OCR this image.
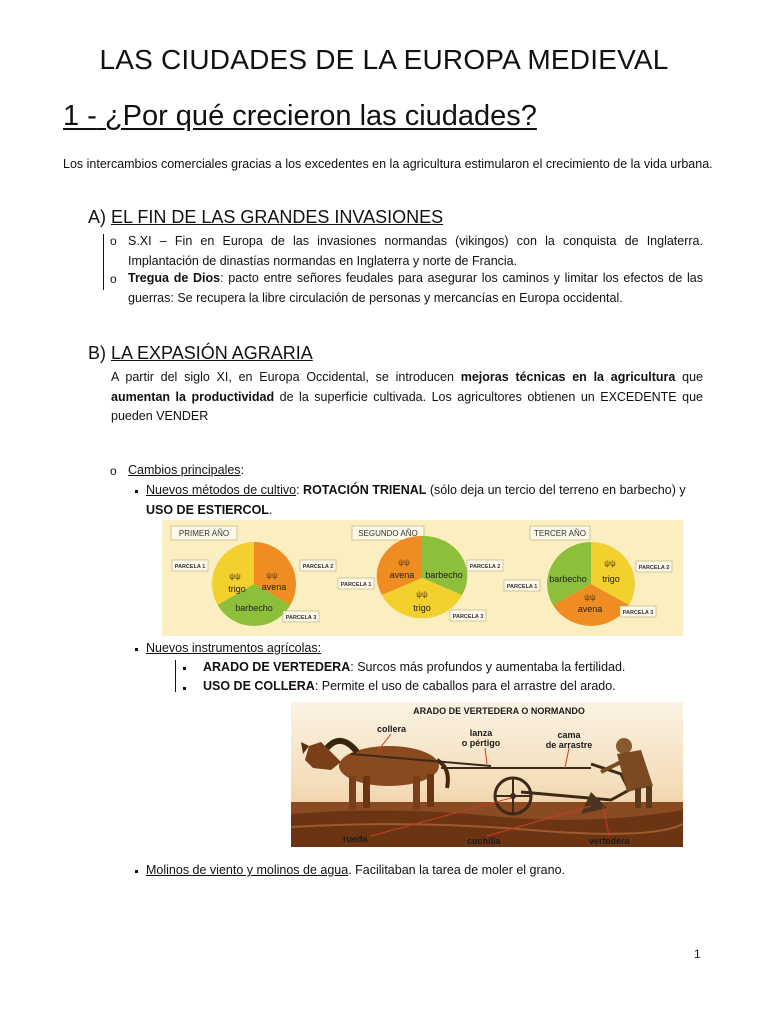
LAS CIUDADES DE LA EUROPA MEDIEVAL
1 - ¿Por qué crecieron las ciudades?
Los intercambios comerciales gracias a los excedentes en la agricultura estimularon el crecimiento de la vida urbana.
A) EL FIN DE LAS GRANDES INVASIONES
o S.XI – Fin en Europa de las invasiones normandas (vikingos) con la conquista de Inglaterra. Implantación de dinastías normandas en Inglaterra y norte de Francia.
o Tregua de Dios: pacto entre señores feudales para asegurar los caminos y limitar los efectos de las guerras: Se recupera la libre circulación de personas y mercancías en Europa occidental.
B) LA EXPASIÓN AGRARIA
A partir del siglo XI, en Europa Occidental, se introducen mejoras técnicas en la agricultura que aumentan la productividad de la superficie cultivada. Los agricultores obtienen un EXCEDENTE que pueden VENDER
o Cambios principales:
Nuevos métodos de cultivo: ROTACIÓN TRIENAL (sólo deja un tercio del terreno en barbecho) y USO DE ESTIERCOL.
PRIMER AÑO	SEGUNDO AÑO	TERCER AÑO
ψψ	ψψ
trigo avena
barbecho
ψψ
ψψ
avena barbecho
trigo
ψψ
ψψ
barbecho trigo
avena
PARCELA 1	PARCELA 2
PARCELA 3
PARCELA 1
PARCELA 2
PARCELA 3
PARCELA 1
PARCELA 2
PARCELA 3
Nuevos instrumentos agrícolas:
ARADO DE VERTEDERA: Surcos más profundos y aumentaba la fertilidad.
USO DE COLLERA: Permite el uso de caballos para el arrastre del arado.
ARADO DE VERTEDERA O NORMANDO
collera	lanza o pértigo
cama de arrastre
rueda	cuchilla	vertedera
Molinos de viento y molinos de agua. Facilitaban la tarea de moler el grano.
1
